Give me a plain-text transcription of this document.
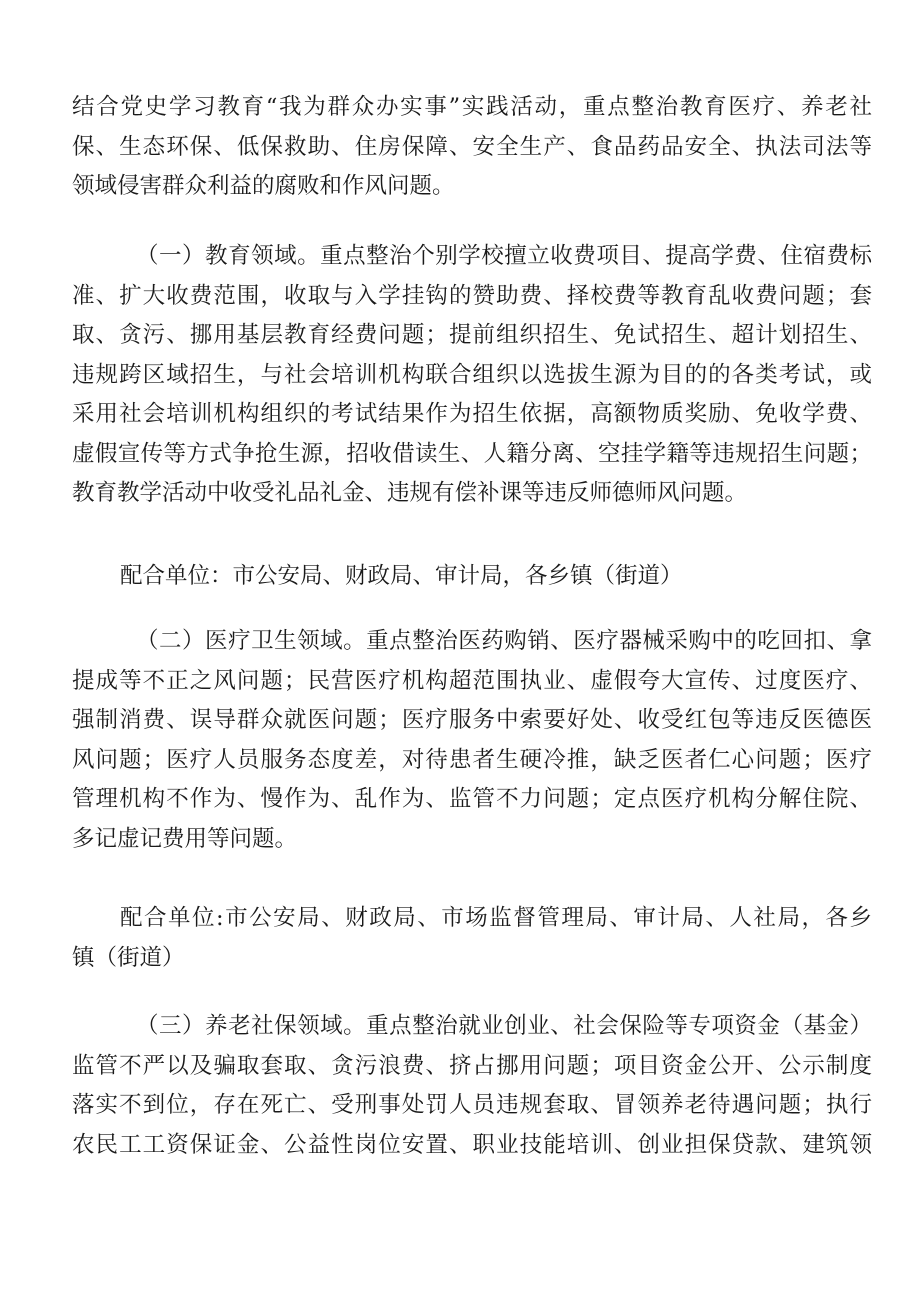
结合党史学习教育“我为群众办实事”实践活动，重点整治教育医疗、养老社
保、生态环保、低保救助、住房保障、安全生产、食品药品安全、执法司法等
领域侵害群众利益的腐败和作风问题。
（一）教育领域。重点整治个别学校擅立收费项目、提高学费、住宿费标
准、扩大收费范围，收取与入学挂钩的赞助费、择校费等教育乱收费问题；套
取、贪污、挪用基层教育经费问题；提前组织招生、免试招生、超计划招生、
违规跨区域招生，与社会培训机构联合组织以选拔生源为目的的各类考试，或
采用社会培训机构组织的考试结果作为招生依据，高额物质奖励、免收学费、
虚假宣传等方式争抢生源，招收借读生、人籍分离、空挂学籍等违规招生问题；
教育教学活动中收受礼品礼金、违规有偿补课等违反师德师风问题。
配合单位：市公安局、财政局、审计局，各乡镇（街道）
（二）医疗卫生领域。重点整治医药购销、医疗器械采购中的吃回扣、拿
提成等不正之风问题；民营医疗机构超范围执业、虚假夸大宣传、过度医疗、
强制消费、误导群众就医问题；医疗服务中索要好处、收受红包等违反医德医
风问题；医疗人员服务态度差，对待患者生硬冷推，缺乏医者仁心问题；医疗
管理机构不作为、慢作为、乱作为、监管不力问题；定点医疗机构分解住院、
多记虚记费用等问题。
配合单位:市公安局、财政局、市场监督管理局、审计局、人社局，各乡
镇（街道）
（三）养老社保领域。重点整治就业创业、社会保险等专项资金（基金）
监管不严以及骗取套取、贪污浪费、挤占挪用问题；项目资金公开、公示制度
落实不到位，存在死亡、受刑事处罚人员违规套取、冒领养老待遇问题；执行
农民工工资保证金、公益性岗位安置、职业技能培训、创业担保贷款、建筑领
